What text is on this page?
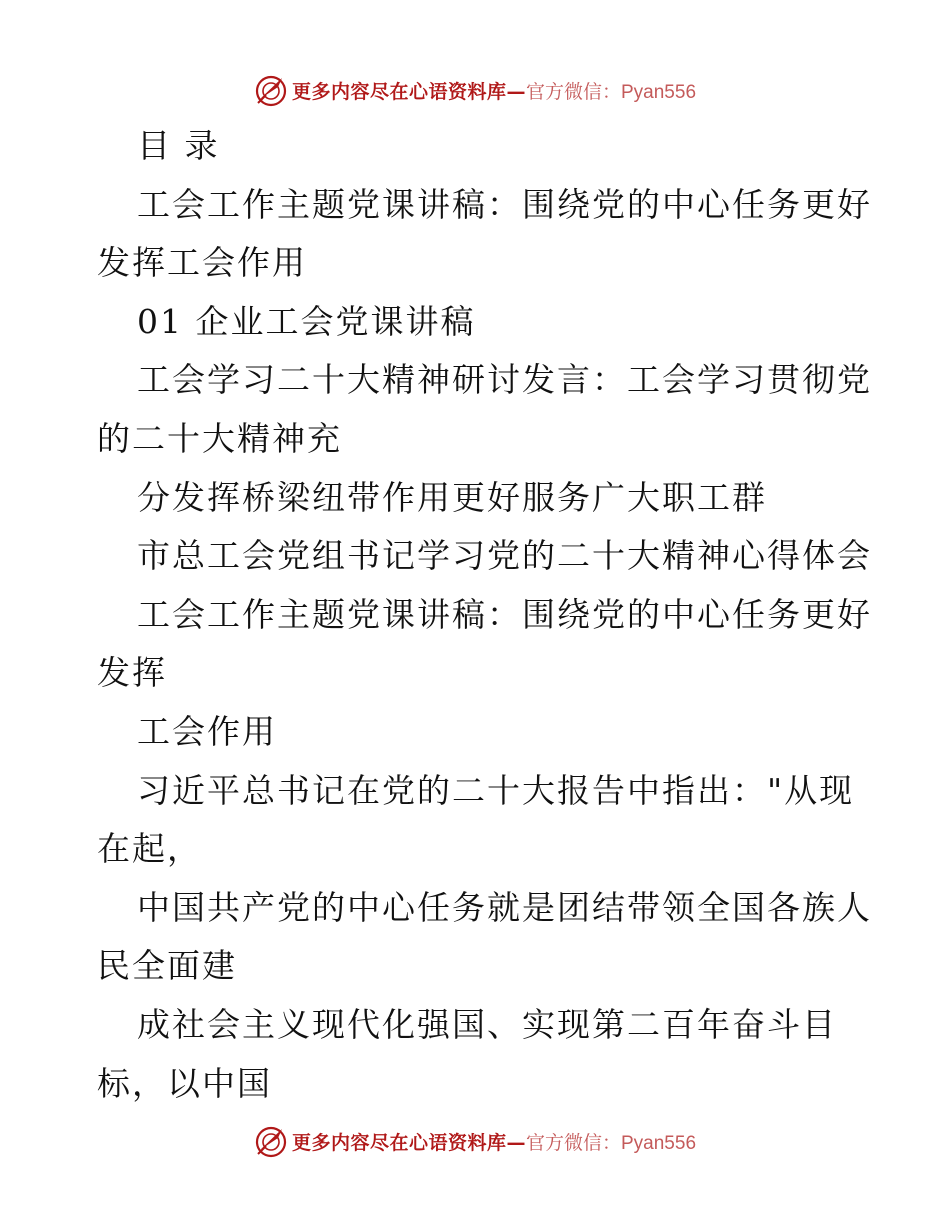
更多内容尽在心语资料库— 官方微信：Pyan556
目 录
工会工作主题党课讲稿：围绕党的中心任务更好
发挥工会作用
01 企业工会党课讲稿
工会学习二十大精神研讨发言：工会学习贯彻党
的二十大精神充
分发挥桥梁纽带作用更好服务广大职工群
市总工会党组书记学习党的二十大精神心得体会
工会工作主题党课讲稿：围绕党的中心任务更好
发挥
工会作用
习近平总书记在党的二十大报告中指出："从现
在起，
中国共产党的中心任务就是团结带领全国各族人
民全面建
成社会主义现代化强国、实现第二百年奋斗目
标，以中国
更多内容尽在心语资料库— 官方微信：Pyan556
